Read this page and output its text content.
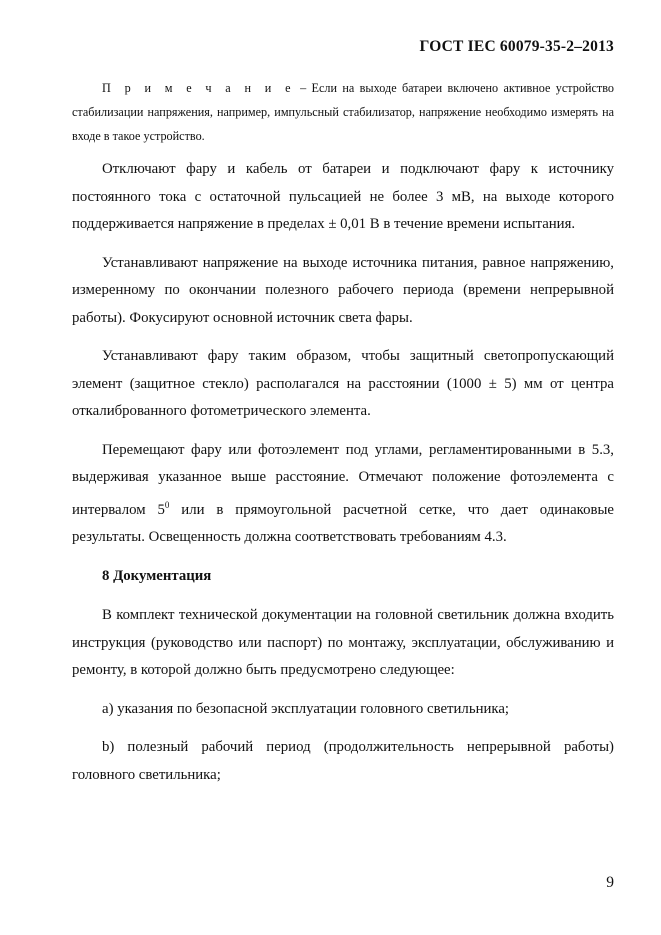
ГОСТ IEC 60079-35-2–2013

П р и м е ч а н и е – Если на выходе батареи включено активное устройство стабилизации напряжения, например, импульсный стабилизатор, напряжение необходимо измерять на входе в такое устройство.

Отключают фару и кабель от батареи и подключают фару к источнику постоянного тока с остаточной пульсацией не более 3 мВ, на выходе которого поддерживается напряжение в пределах ± 0,01 В в течение времени испытания.

Устанавливают напряжение на выходе источника питания, равное напряжению, измеренному по окончании полезного рабочего периода (времени непрерывной работы). Фокусируют основной источник света фары.

Устанавливают фару таким образом, чтобы защитный светопропускающий элемент (защитное стекло) располагался на расстоянии (1000 ± 5) мм от центра откалиброванного фотометрического элемента.

Перемещают фару или фотоэлемент под углами, регламентированными в 5.3, выдерживая указанное выше расстояние. Отмечают положение фотоэлемента с интервалом $5^0$ или в прямоугольной расчетной сетке, что дает одинаковые результаты. Освещенность должна соответствовать требованиям 4.3.

8 Документация

В комплект технической документации на головной светильник должна входить инструкция (руководство или паспорт) по монтажу, эксплуатации, обслуживанию и ремонту, в которой должно быть предусмотрено следующее:

a) указания по безопасной эксплуатации головного светильника;

b) полезный рабочий период (продолжительность непрерывной работы) головного светильника;

9
